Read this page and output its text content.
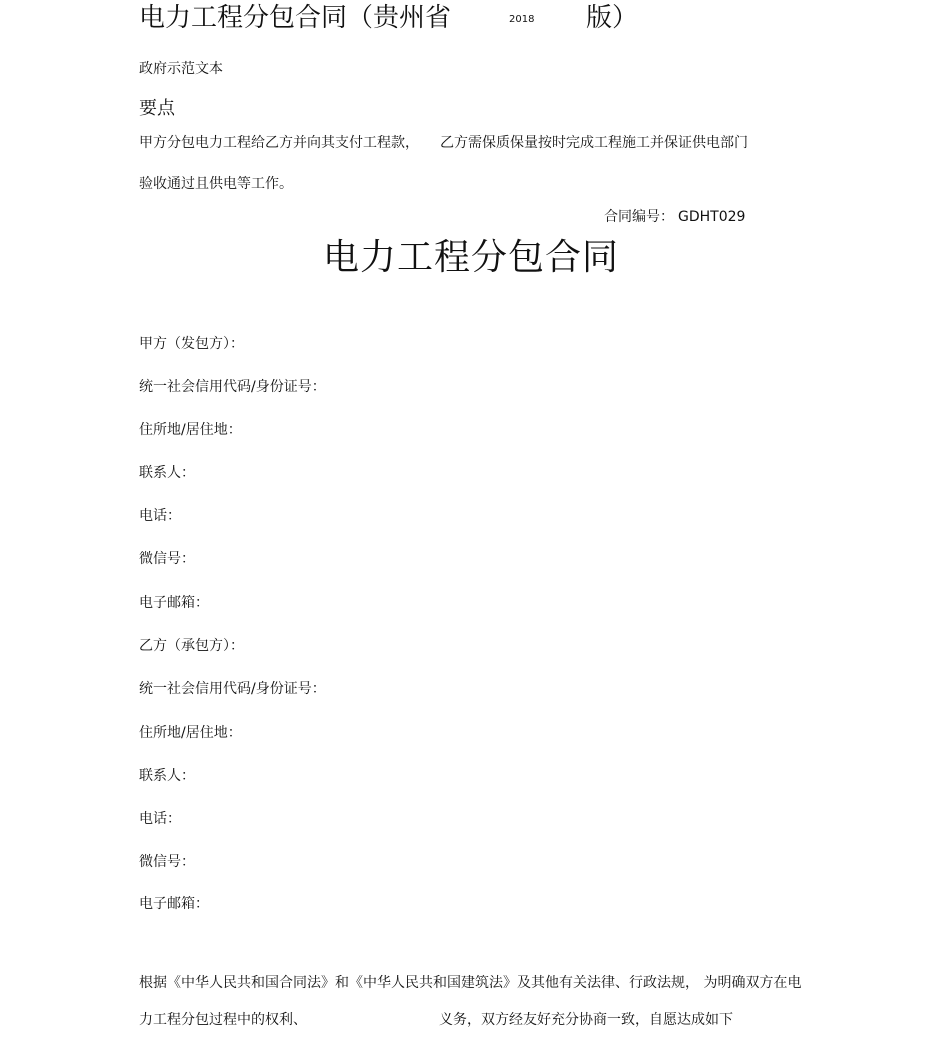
电力工程分包合同（贵州省	2018 版）
政府示范文本
要点
甲方分包电力工程给乙方并向其支付工程款， 乙方需保质保量按时完成工程施工并保证供电部门
验收通过且供电等工作。
合同编号： GDHT029
电力工程分包合同
甲方（发包方）：
统一社会信用代码/身份证号：
住所地/居住地：
联系人：
电话：
微信号：
电子邮箱：
乙方（承包方）：
统一社会信用代码/身份证号：
住所地/居住地：
联系人：
电话：
微信号：
电子邮箱：
根据《中华人民共和国合同法》和《中华人民共和国建筑法》及其他有关法律、行政法规， 为明确双方在电
力工程分包过程中的权利、	义务，双方经友好充分协商一致，自愿达成如下
